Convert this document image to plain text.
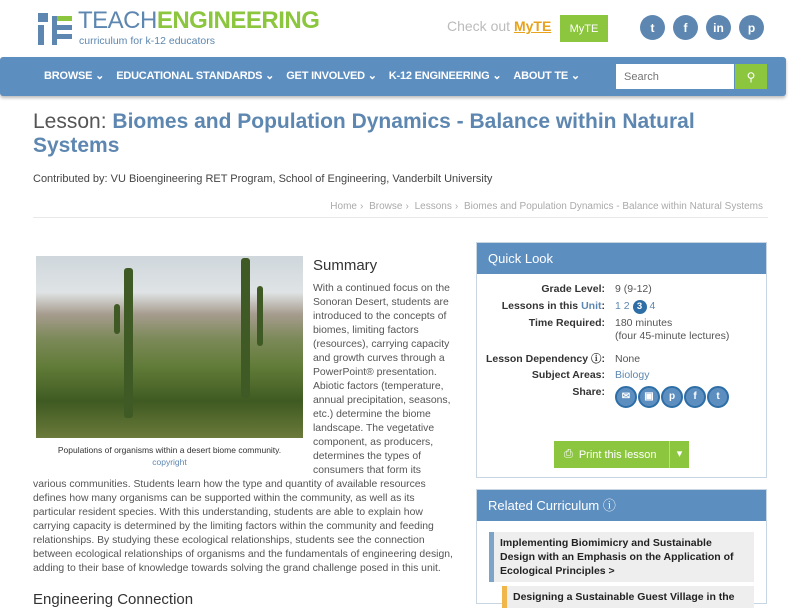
TEACHENGINEERING
curriculum for k-12 educators
Check out MyTE	MyTE	t	f	in	p
BROWSE ⌄ EDUCATIONAL STANDARDS ⌄ GET INVOLVED ⌄ K-12 ENGINEERING ⌄ ABOUT TE ⌄
Search	⚲
Lesson: Biomes and Population Dynamics - Balance within Natural Systems
Contributed by: VU Bioengineering RET Program, School of Engineering, Vanderbilt University
Home › Browse › Lessons › Biomes and Population Dynamics - Balance within Natural Systems
Populations of organisms within a desert biome community.
copyright
Summary

With a continued focus on the Sonoran Desert, students are introduced to the concepts of biomes, limiting factors (resources), carrying capacity and growth curves through a PowerPoint® presentation. Abiotic factors (temperature, annual precipitation, seasons, etc.) determine the biome landscape. The vegetative component, as producers, determines the types of consumers that form its various communities. Students learn how the type and quantity of available resources defines how many organisms can be supported within the community, as well as its particular resident species. With this understanding, students are able to explain how carrying capacity is determined by the limiting factors within the community and feeding relationships. By studying these ecological relationships, students see the connection between ecological relationships of organisms and the fundamentals of engineering design, adding to their base of knowledge towards solving the grand challenge posed in this unit.

Engineering Connection
Quick Look
Grade Level: 9 (9-12)
Lessons in this Unit: 1 2 3 4
Time Required: 180 minutes
(four 45-minute lectures)
Lesson Dependency ⓘ: None
Subject Areas: Biology
Share:	✉ ▣ p f t
⎙ Print this lesson	▾
Related Curriculum ⓘ
Implementing Biomimicry and Sustainable Design with an Emphasis on the Application of Ecological Principles >
Designing a Sustainable Guest Village in the
